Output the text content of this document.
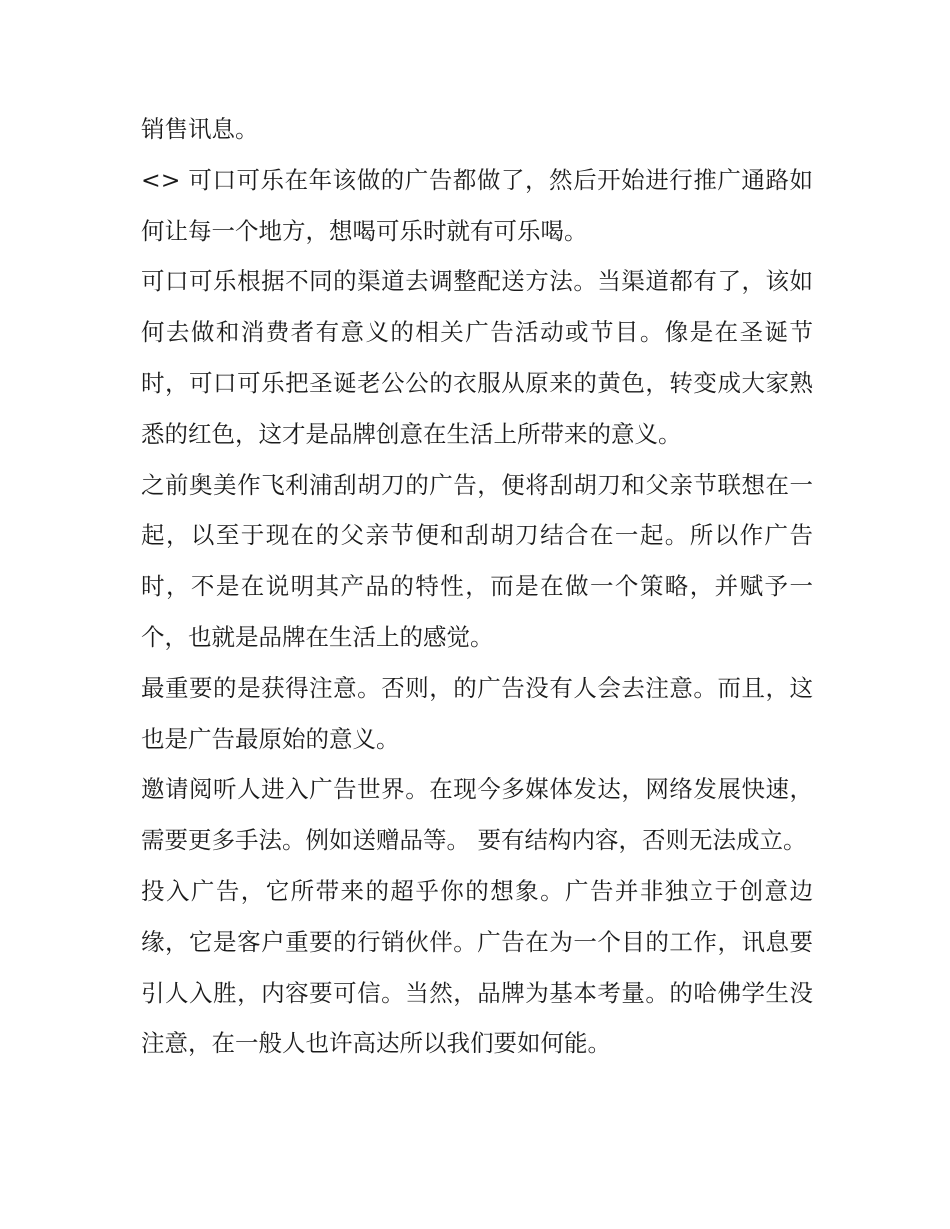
销售讯息。

<> 可口可乐在年该做的广告都做了，然后开始进行推广通路如何让每一个地方，想喝可乐时就有可乐喝。

可口可乐根据不同的渠道去调整配送方法。当渠道都有了，该如何去做和消费者有意义的相关广告活动或节目。像是在圣诞节时，可口可乐把圣诞老公公的衣服从原来的黄色，转变成大家熟悉的红色，这才是品牌创意在生活上所带来的意义。

之前奥美作飞利浦刮胡刀的广告，便将刮胡刀和父亲节联想在一起，以至于现在的父亲节便和刮胡刀结合在一起。所以作广告时，不是在说明其产品的特性，而是在做一个策略，并赋予一个，也就是品牌在生活上的感觉。

最重要的是获得注意。否则，的广告没有人会去注意。而且，这也是广告最原始的意义。

邀请阅听人进入广告世界。在现今多媒体发达，网络发展快速，需要更多手法。例如送赠品等。 要有结构内容，否则无法成立。

投入广告，它所带来的超乎你的想象。广告并非独立于创意边缘，它是客户重要的行销伙伴。广告在为一个目的工作，讯息要引人入胜，内容要可信。当然，品牌为基本考量。的哈佛学生没注意，在一般人也许高达所以我们要如何能。
